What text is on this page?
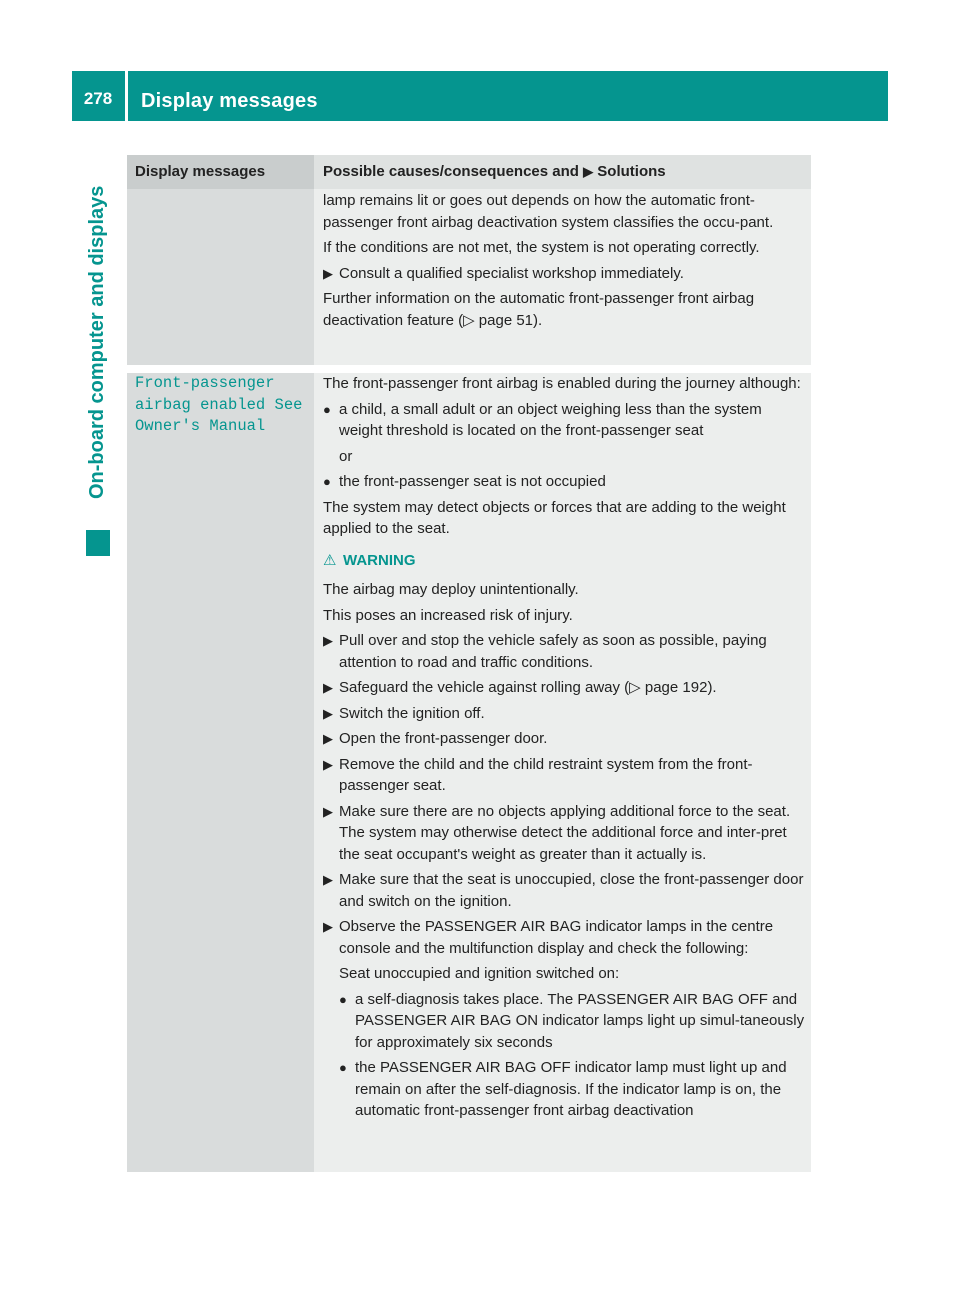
278	Display messages
On-board computer and displays
Display messages	Possible causes/consequences and ▶ Solutions

lamp remains lit or goes out depends on how the automatic front-passenger front airbag deactivation system classifies the occu-pant.

If the conditions are not met, the system is not operating correctly.

▶ Consult a qualified specialist workshop immediately.

Further information on the automatic front-passenger front airbag deactivation feature (▷ page 51).

Front-passenger
airbag enabled See
Owner's Manual

The front-passenger front airbag is enabled during the journey although:

● a child, a small adult or an object weighing less than the system weight threshold is located on the front-passenger seat

or

● the front-passenger seat is not occupied

The system may detect objects or forces that are adding to the weight applied to the seat.

⚠ WARNING

The airbag may deploy unintentionally.

This poses an increased risk of injury.

▶ Pull over and stop the vehicle safely as soon as possible, paying attention to road and traffic conditions.
▶ Safeguard the vehicle against rolling away (▷ page 192).
▶ Switch the ignition off.
▶ Open the front-passenger door.
▶ Remove the child and the child restraint system from the front-passenger seat.
▶ Make sure there are no objects applying additional force to the seat.
The system may otherwise detect the additional force and inter-pret the seat occupant's weight as greater than it actually is.
▶ Make sure that the seat is unoccupied, close the front-passenger door and switch on the ignition.
▶ Observe the PASSENGER AIR BAG indicator lamps in the centre console and the multifunction display and check the following:

Seat unoccupied and ignition switched on:

● a self-diagnosis takes place. The PASSENGER AIR BAG OFF and PASSENGER AIR BAG ON indicator lamps light up simul-taneously for approximately six seconds
● the PASSENGER AIR BAG OFF indicator lamp must light up and remain on after the self-diagnosis. If the indicator lamp is on, the automatic front-passenger front airbag deactivation
